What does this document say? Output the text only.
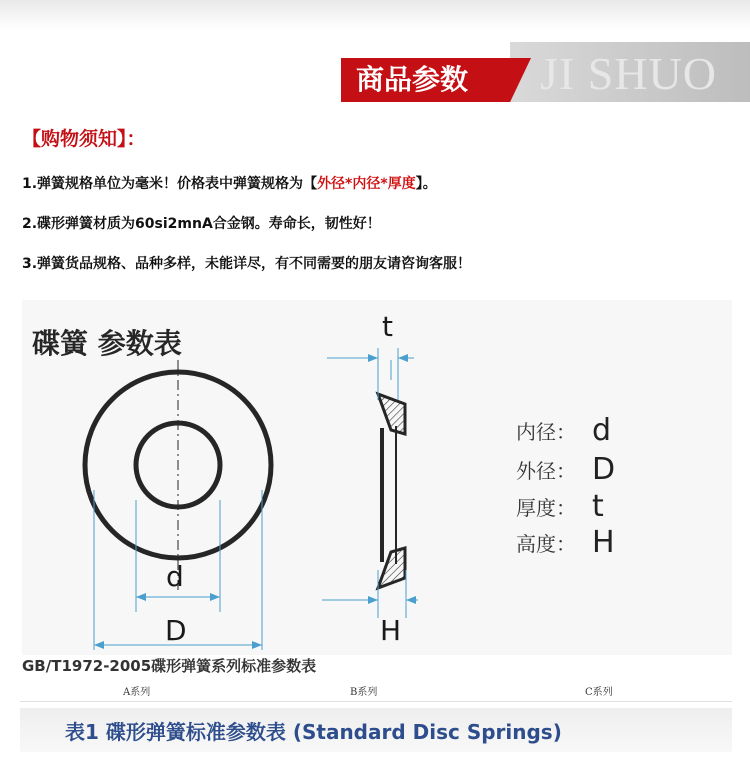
JI SHUO
商品参数
【购物须知】：
1.弹簧规格单位为毫米！价格表中弹簧规格为【外径*内径*厚度】。
2.碟形弹簧材质为60si2mnA合金钢。寿命长，韧性好！
3.弹簧货品规格、品种多样，未能详尽，有不同需要的朋友请咨询客服！
碟簧 参数表
t
d
D	H
内径： d
外径： D
厚度： t
高度： H
GB/T1972-2005碟形弹簧系列标准参数表
A系列	B系列	C系列
表1 碟形弹簧标准参数表 (Standard Disc Springs)
